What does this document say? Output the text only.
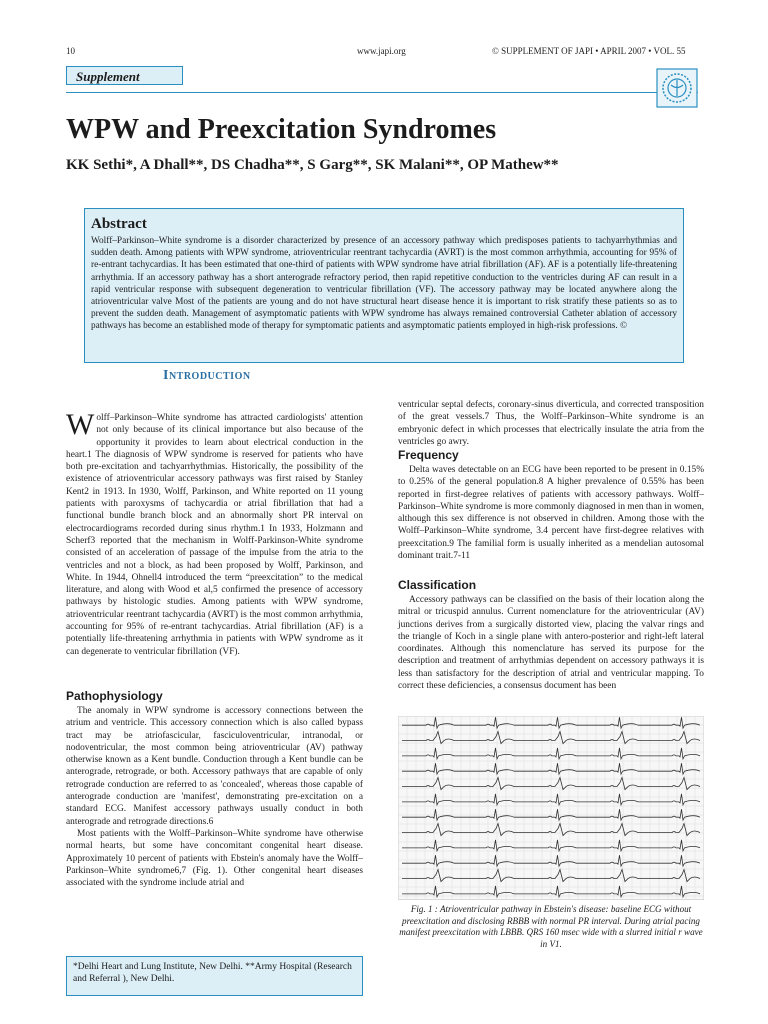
10	www.japi.org	© SUPPLEMENT OF JAPI • APRIL 2007 • VOL. 55
Supplement
WPW and Preexcitation Syndromes
KK Sethi*, A Dhall**, DS Chadha**, S Garg**, SK Malani**, OP Mathew**
Abstract

Wolff–Parkinson–White syndrome is a disorder characterized by presence of an accessory pathway which predisposes patients to tachyarrhythmias and sudden death. Among patients with WPW syndrome, atrioventricular reentrant tachycardia (AVRT) is the most common arrhythmia, accounting for 95% of re-entrant tachycardias. It has been estimated that one-third of patients with WPW syndrome have atrial fibrillation (AF). AF is a potentially life-threatening arrhythmia. If an accessory pathway has a short anterograde refractory period, then rapid repetitive conduction to the ventricles during AF can result in a rapid ventricular response with subsequent degeneration to ventricular fibrillation (VF). The accessory pathway may be located anywhere along the atrioventricular valve Most of the patients are young and do not have structural heart disease hence it is important to risk stratify these patients so as to prevent the sudden death. Management of asymptomatic patients with WPW syndrome has always remained controversial Catheter ablation of accessory pathways has become an established mode of therapy for symptomatic patients and asymptomatic patients employed in high-risk professions. ©

Introduction

Wolff–Parkinson–White syndrome has attracted cardiologists' attention not only because of its clinical importance but also because of the opportunity it provides to learn about electrical conduction in the heart.1 The diagnosis of WPW syndrome is reserved for patients who have both pre-excitation and tachyarrhythmias. Historically, the possibility of the existence of atrioventricular accessory pathways was first raised by Stanley Kent2 in 1913. In 1930, Wolff, Parkinson, and White reported on 11 young patients with paroxysms of tachycardia or atrial fibrillation that had a functional bundle branch block and an abnormally short PR interval on electrocardiograms recorded during sinus rhythm.1 In 1933, Holzmann and Scherf3 reported that the mechanism in Wolff-Parkinson-White syndrome consisted of an acceleration of passage of the impulse from the atria to the ventricles and not a block, as had been proposed by Wolff, Parkinson, and White. In 1944, Ohnell4 introduced the term “preexcitation” to the medical literature, and along with Wood et al,5 confirmed the presence of accessory pathways by histologic studies. Among patients with WPW syndrome, atrioventricular reentrant tachycardia (AVRT) is the most common arrhythmia, accounting for 95% of re-entrant tachycardias. Atrial fibrillation (AF) is a potentially life-threatening arrhythmia in patients with WPW syndrome as it can degenerate to ventricular fibrillation (VF).

Pathophysiology

The anomaly in WPW syndrome is accessory connections between the atrium and ventricle. This accessory connection which is also called bypass tract may be atriofascicular, fasciculoventricular, intranodal, or nodoventricular, the most common being atrioventricular (AV) pathway otherwise known as a Kent bundle. Conduction through a Kent bundle can be anterograde, retrograde, or both. Accessory pathways that are capable of only retrograde conduction are referred to as 'concealed', whereas those capable of anterograde conduction are 'manifest', demonstrating pre-excitation on a standard ECG. Manifest accessory pathways usually conduct in both anterograde and retrograde directions.6

Most patients with the Wolff–Parkinson–White syndrome have otherwise normal hearts, but some have concomitant congenital heart disease. Approximately 10 percent of patients with Ebstein's anomaly have the Wolff–Parkinson–White syndrome6,7 (Fig. 1). Other congenital heart diseases associated with the syndrome include atrial and

*Delhi Heart and Lung Institute, New Delhi. **Army Hospital (Research and Referral ), New Delhi.

ventricular septal defects, coronary-sinus diverticula, and corrected transposition of the great vessels.7 Thus, the Wolff–Parkinson–White syndrome is an embryonic defect in which processes that electrically insulate the atria from the ventricles go awry.

Frequency

Delta waves detectable on an ECG have been reported to be present in 0.15% to 0.25% of the general population.8 A higher prevalence of 0.55% has been reported in first-degree relatives of patients with accessory pathways. Wolff–Parkinson–White syndrome is more commonly diagnosed in men than in women, although this sex difference is not observed in children. Among those with the Wolff–Parkinson–White syndrome, 3.4 percent have first-degree relatives with preexcitation.9 The familial form is usually inherited as a mendelian autosomal dominant trait.7-11

Classification

Accessory pathways can be classified on the basis of their location along the mitral or tricuspid annulus. Current nomenclature for the atrioventricular (AV) junctions derives from a surgically distorted view, placing the valvar rings and the triangle of Koch in a single plane with antero-posterior and right-left lateral coordinates. Although this nomenclature has served its purpose for the description and treatment of arrhythmias dependent on accessory pathways it is less than satisfactory for the description of atrial and ventricular mapping. To correct these deficiencies, a consensus document has been

Fig. 1 : Atrioventricular pathway in Ebstein's disease: baseline ECG without preexcitation and disclosing RBBB with normal PR interval. During atrial pacing manifest preexcitation with LBBB. QRS 160 msec wide with a slurred initial r wave in V1.
